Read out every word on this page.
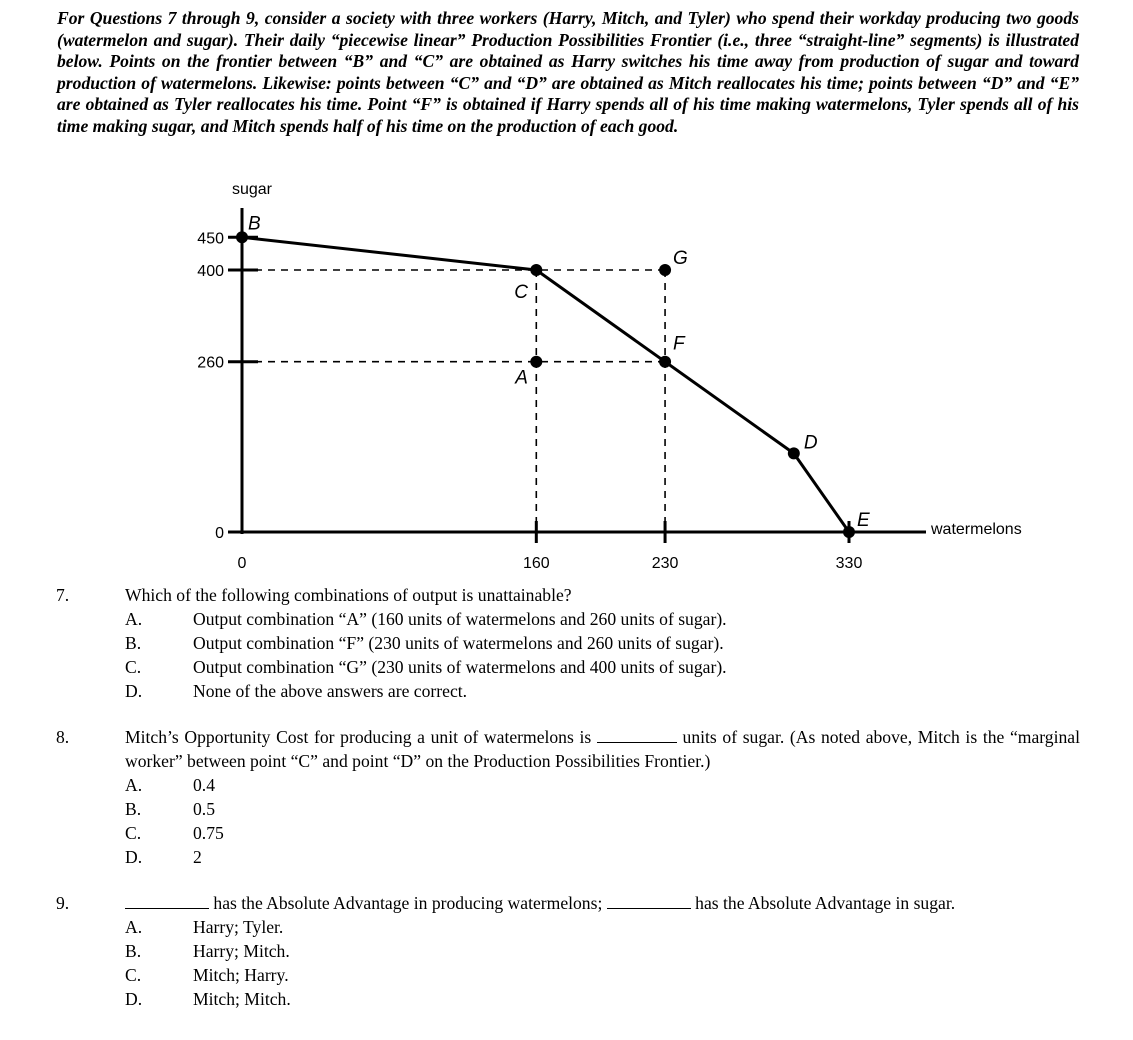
For Questions 7 through 9, consider a society with three workers (Harry, Mitch, and Tyler) who spend their workday producing two goods (watermelon and sugar). Their daily “piecewise linear” Production Possibilities Frontier (i.e., three “straight-line” segments) is illustrated below. Points on the frontier between “B” and “C” are obtained as Harry switches his time away from production of sugar and toward production of watermelons. Likewise: points between “C” and “D” are obtained as Mitch reallocates his time; points between “D” and “E” are obtained as Tyler reallocates his time. Point “F” is obtained if Harry spends all of his time making watermelons, Tyler spends all of his time making sugar, and Mitch spends half of his time on the production of each good.
sugar
watermelons
450
400
260
0
0	160	230	330
B
C
G
F
A
D
E
7.	Which of the following combinations of output is unattainable?
A.	Output combination “A” (160 units of watermelons and 260 units of sugar).
B.	Output combination “F” (230 units of watermelons and 260 units of sugar).
C.	Output combination “G” (230 units of watermelons and 400 units of sugar).
D.	None of the above answers are correct.
8.	Mitch’s Opportunity Cost for producing a unit of watermelons is	units of sugar. (As noted above, Mitch is the “marginal worker” between point “C” and point “D” on the Production Possibilities Frontier.)
A.	0.4
B.	0.5
C.	0.75
D.	2
9.	has the Absolute Advantage in producing watermelons;	has the Absolute Advantage in sugar.
A.	Harry; Tyler.
B.	Harry; Mitch.
C.	Mitch; Harry.
D.	Mitch; Mitch.
